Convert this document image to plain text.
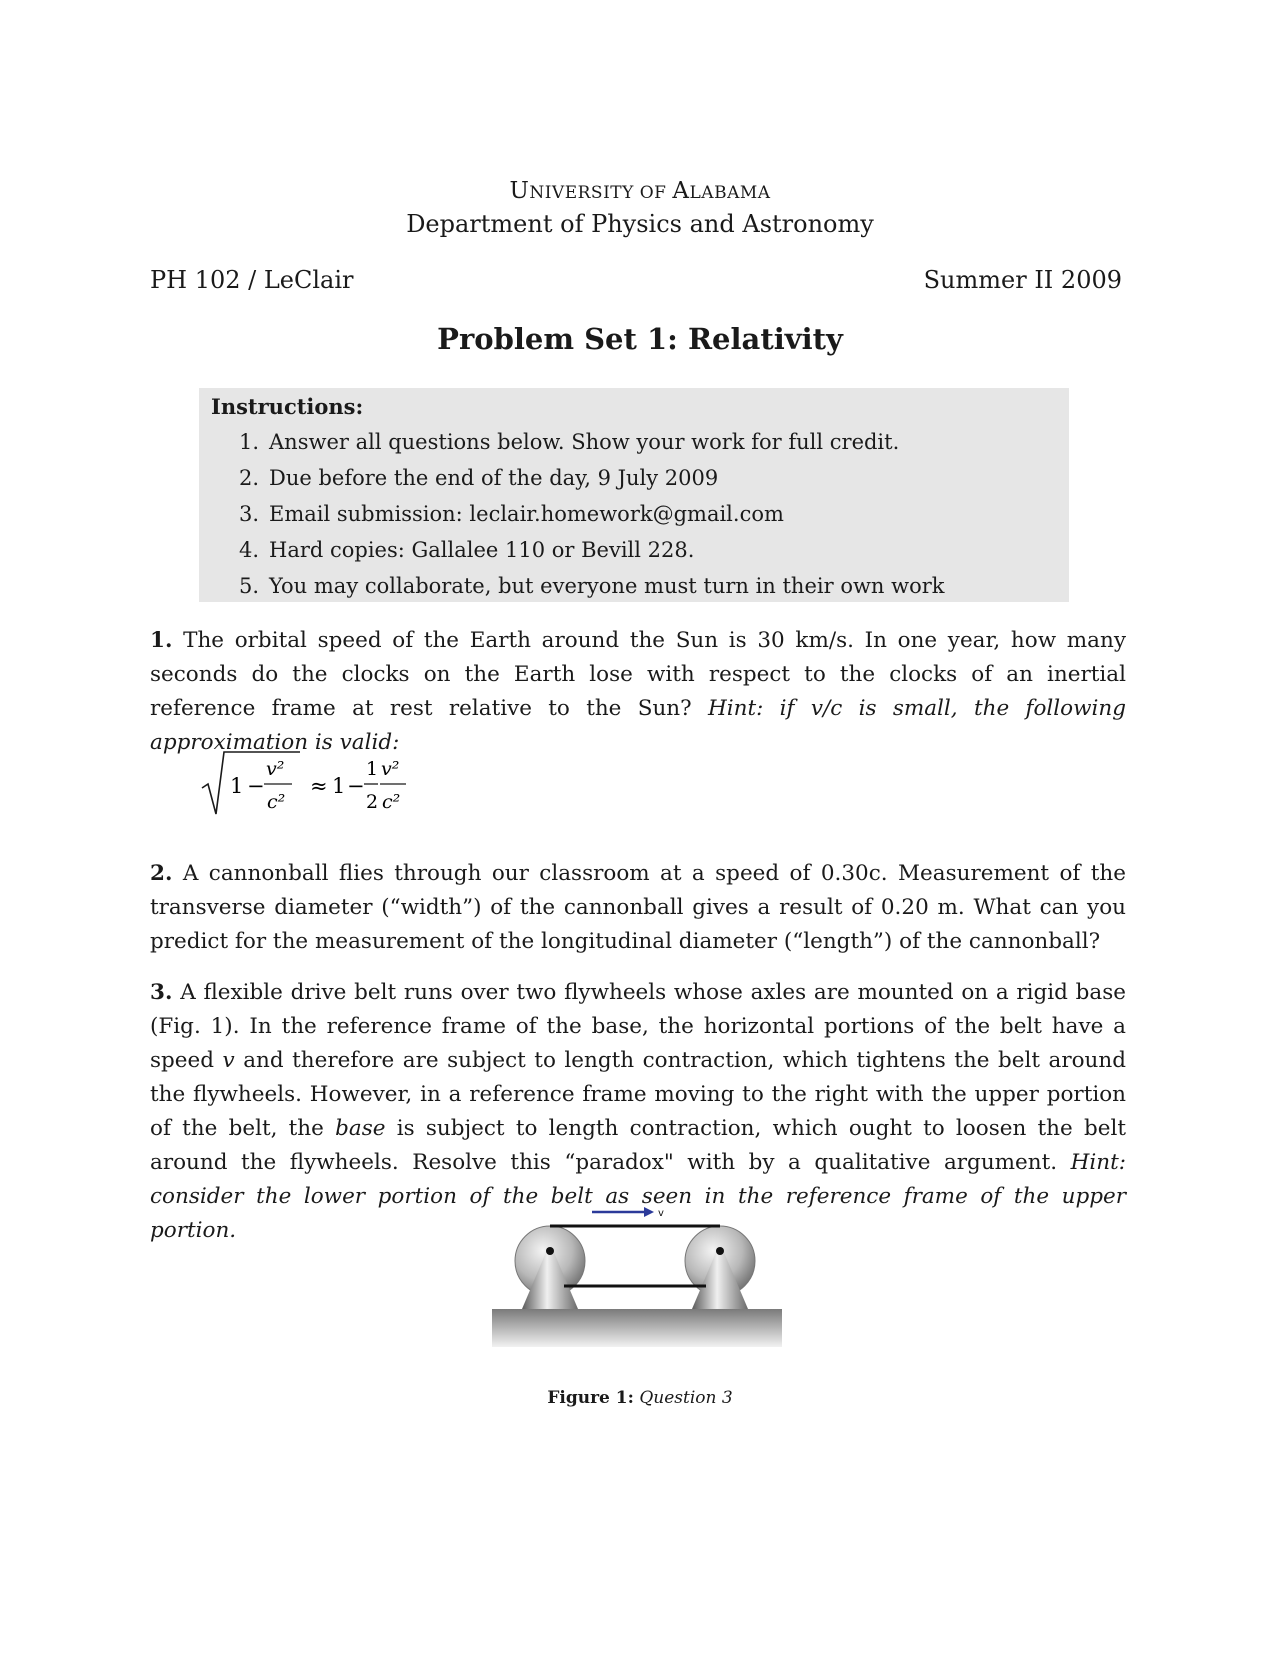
UNIVERSITY OF ALABAMA
Department of Physics and Astronomy
PH 102 / LeClair	Summer II 2009
Problem Set 1: Relativity
Instructions:
1. Answer all questions below. Show your work for full credit.
2. Due before the end of the day, 9 July 2009
3. Email submission: leclair.homework@gmail.com
4. Hard copies: Gallalee 110 or Bevill 228.
5. You may collaborate, but everyone must turn in their own work
1. The orbital speed of the Earth around the Sun is 30 km/s. In one year, how many seconds do the clocks on the Earth lose with respect to the clocks of an inertial reference frame at rest relative to the Sun? Hint: if v/c is small, the following approximation is valid:
1 −
v²
c²
≈ 1 −
1
2
v²
c²
2. A cannonball flies through our classroom at a speed of 0.30c. Measurement of the transverse diameter (“width”) of the cannonball gives a result of 0.20 m. What can you predict for the measurement of the longitudinal diameter (“length”) of the cannonball?
3. A flexible drive belt runs over two flywheels whose axles are mounted on a rigid base (Fig. 1). In the reference frame of the base, the horizontal portions of the belt have a speed v and therefore are subject to length contraction, which tightens the belt around the flywheels. However, in a reference frame moving to the right with the upper portion of the belt, the base is subject to length contraction, which ought to loosen the belt around the flywheels. Resolve this “paradox" with by a qualitative argument. Hint: consider the lower portion of the belt as seen in the reference frame of the upper portion.
v
Figure 1: Question 3
